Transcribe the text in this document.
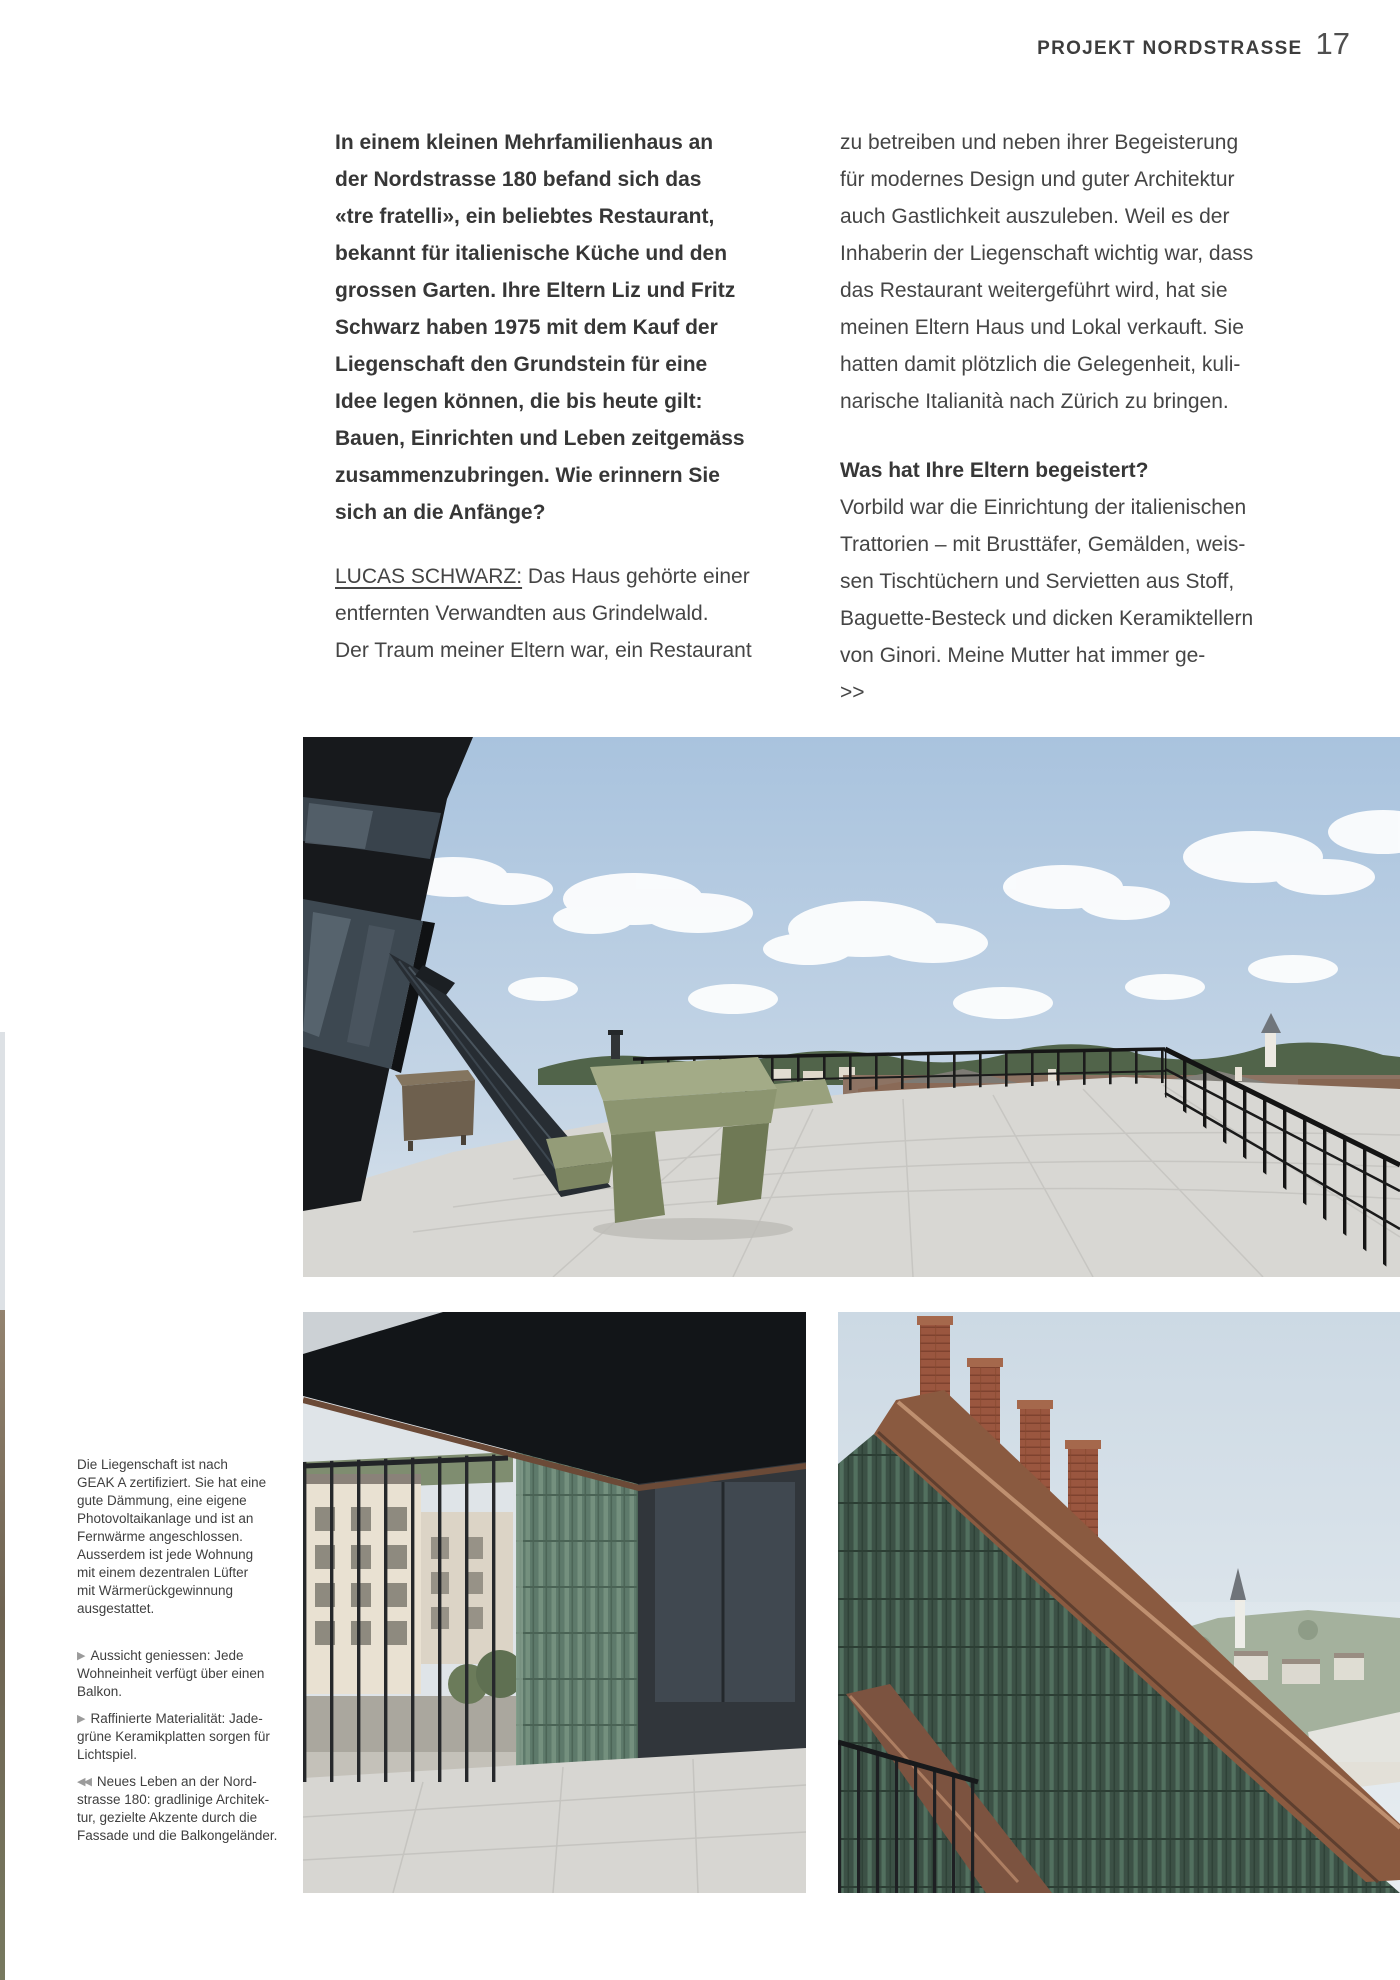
PROJEKT NORDSTRASSE 17
In einem kleinen Mehrfamilienhaus an
der Nordstrasse 180 befand sich das
«tre fratelli», ein beliebtes Restaurant,
bekannt für italienische Küche und den
grossen Garten. Ihre Eltern Liz und Fritz
Schwarz haben 1975 mit dem Kauf der
Liegenschaft den Grundstein für eine
Idee legen können, die bis heute gilt:
Bauen, Einrichten und Leben zeitgemäss
zusammenzubringen. Wie erinnern Sie
sich an die Anfänge?
LUCAS SCHWARZ: Das Haus gehörte einer
entfernten Verwandten aus Grindelwald.
Der Traum meiner Eltern war, ein Restaurant
zu betreiben und neben ihrer Begeisterung
für modernes Design und guter Architektur
auch Gastlichkeit auszuleben. Weil es der
Inhaberin der Liegenschaft wichtig war, dass
das Restaurant weitergeführt wird, hat sie
meinen Eltern Haus und Lokal verkauft. Sie
hatten damit plötzlich die Gelegenheit, kuli-
narische Italianità nach Zürich zu bringen.
Was hat Ihre Eltern begeistert?
Vorbild war die Einrichtung der italienischen
Trattorien – mit Brusttäfer, Gemälden, weis-
sen Tischtüchern und Servietten aus Stoff,
Baguette-Besteck und dicken Keramiktellern
von Ginori. Meine Mutter hat immer ge-
>>
Die Liegenschaft ist nach
GEAK A zertifiziert. Sie hat eine
gute Dämmung, eine eigene
Photovoltaikanlage und ist an
Fernwärme angeschlossen.
Ausserdem ist jede Wohnung
mit einem dezentralen Lüfter
mit Wärmerückgewinnung
ausgestattet.
▶ Aussicht geniessen: Jede
Wohneinheit verfügt über einen
Balkon.
▶ Raffinierte Materialität: Jade-
grüne Keramikplatten sorgen für
Lichtspiel.
◀◀ Neues Leben an der Nord-
strasse 180: gradlinige Architek-
tur, gezielte Akzente durch die
Fassade und die Balkongeländer.
